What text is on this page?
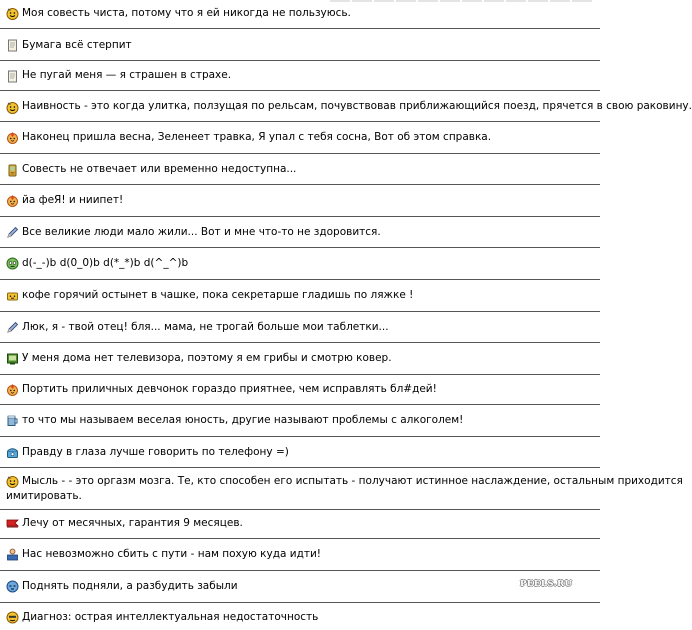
Моя совесть чиста, потому что я ей никогда не пользуюсь.
Бумага всё стерпит
Не пугай меня — я страшен в страхе.
Наивность - это когда улитка, ползущая по рельсам, почувствовав приближающийся поезд, прячется в свою раковину.
Наконец пришла весна, Зеленеет травка, Я упал с тебя сосна, Вот об этом справка.
Совесть не отвечает или временно недоступна...
йа феЯ! и ниипет!
Все великие люди мало жили... Вот и мне что-то не здоровится.
d(-_-)b d(0_0)b d(*_*)b d(^_^)b
кофе горячий остынет в чашке, пока секретарше гладишь по ляжке !
Люк, я - твой отец! бля... мама, не трогай больше мои таблетки...
У меня дома нет телевизора, поэтому я ем грибы и смотрю ковер.
Портить приличных девчонок гораздо приятнее, чем исправлять бл#дей!
то что мы называем веселая юность, другие называют проблемы с алкоголем!
Правду в глаза лучше говорить по телефону =)
Мысль - - это оргазм мозга. Те, кто способен его испытать - получают истинное наслаждение, остальным приходится
имитировать.
Лечу от месячных, гарантия 9 месяцев.
Нас невозможно сбить с пути - нам похую куда идти!
Поднять подняли, а разбудить забыли
Диагноз: острая интеллектуальная недостаточность
PEELS.RU
